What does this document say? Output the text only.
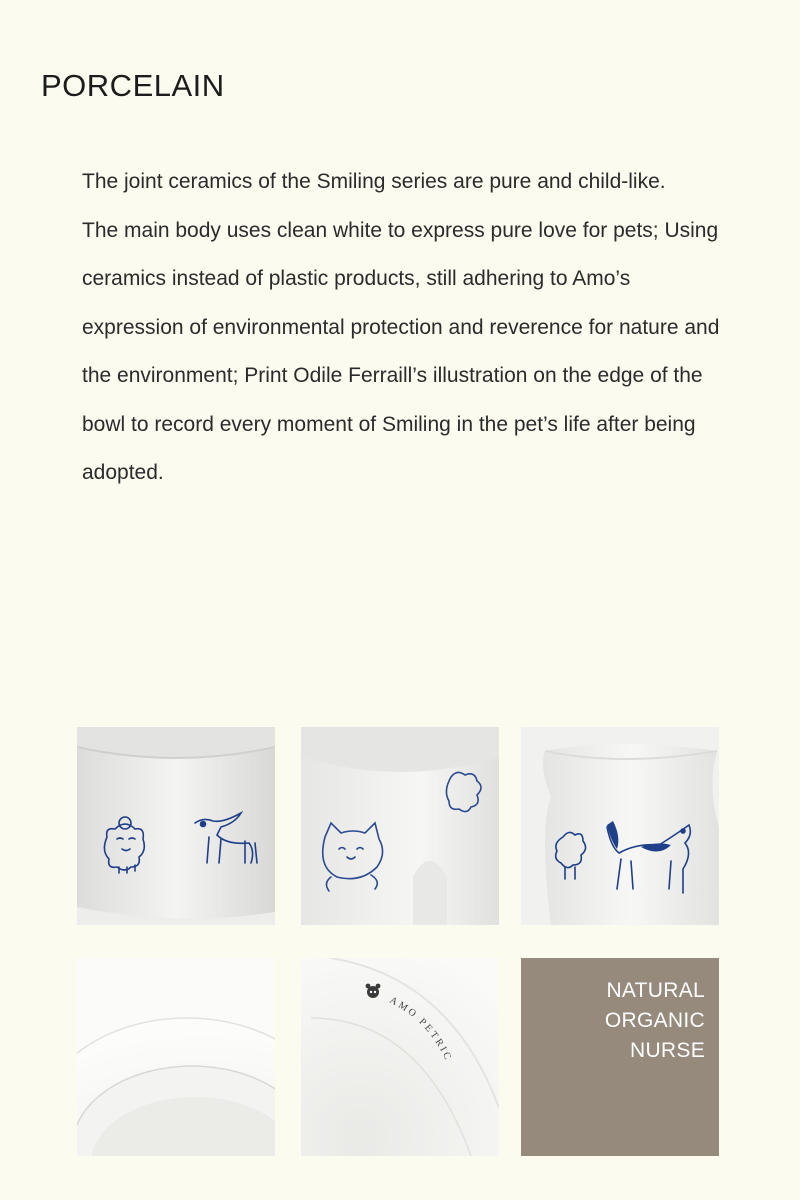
PORCELAIN

The joint ceramics of the Smiling series are pure and child-like.

The main body uses clean white to express pure love for pets; Using ceramics instead of plastic products, still adhering to Amo’s expression of environmental protection and reverence for nature and the environment; Print Odile Ferraill’s illustration on the edge of the bowl to record every moment of Smiling in the pet’s life after being adopted.

AMO PETRIC
NATURAL
ORGANIC
NURSE
